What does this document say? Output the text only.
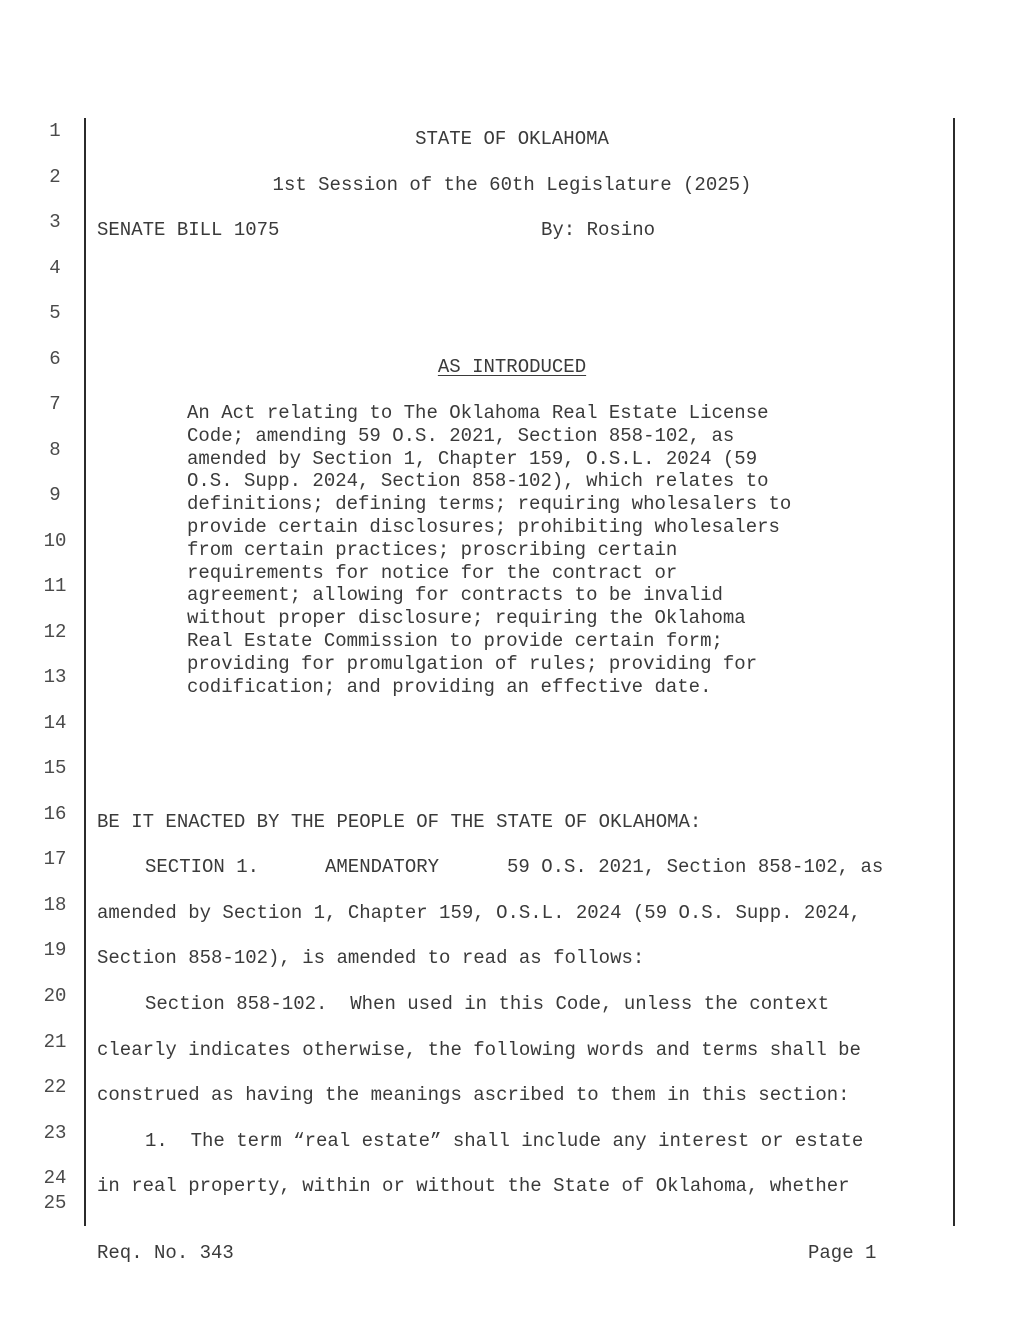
1
2
3
4
5
6
7
8
9
10
11
12
13
14
15
16
17
18
19
20
21
22
23
24
25
STATE OF OKLAHOMA
1st Session of the 60th Legislature (2025)
SENATE BILL 1075	By: Rosino
AS INTRODUCED
An Act relating to The Oklahoma Real Estate License
Code; amending 59 O.S. 2021, Section 858-102, as
amended by Section 1, Chapter 159, O.S.L. 2024 (59
O.S. Supp. 2024, Section 858-102), which relates to
definitions; defining terms; requiring wholesalers to
provide certain disclosures; prohibiting wholesalers
from certain practices; proscribing certain
requirements for notice for the contract or
agreement; allowing for contracts to be invalid
without proper disclosure; requiring the Oklahoma
Real Estate Commission to provide certain form;
providing for promulgation of rules; providing for
codification; and providing an effective date.
BE IT ENACTED BY THE PEOPLE OF THE STATE OF OKLAHOMA:
SECTION 1.	AMENDATORY	59 O.S. 2021, Section 858-102, as
amended by Section 1, Chapter 159, O.S.L. 2024 (59 O.S. Supp. 2024,
Section 858-102), is amended to read as follows:
Section 858-102.  When used in this Code, unless the context
clearly indicates otherwise, the following words and terms shall be
construed as having the meanings ascribed to them in this section:
1.  The term “real estate” shall include any interest or estate
in real property, within or without the State of Oklahoma, whether
Req. No. 343	Page 1
